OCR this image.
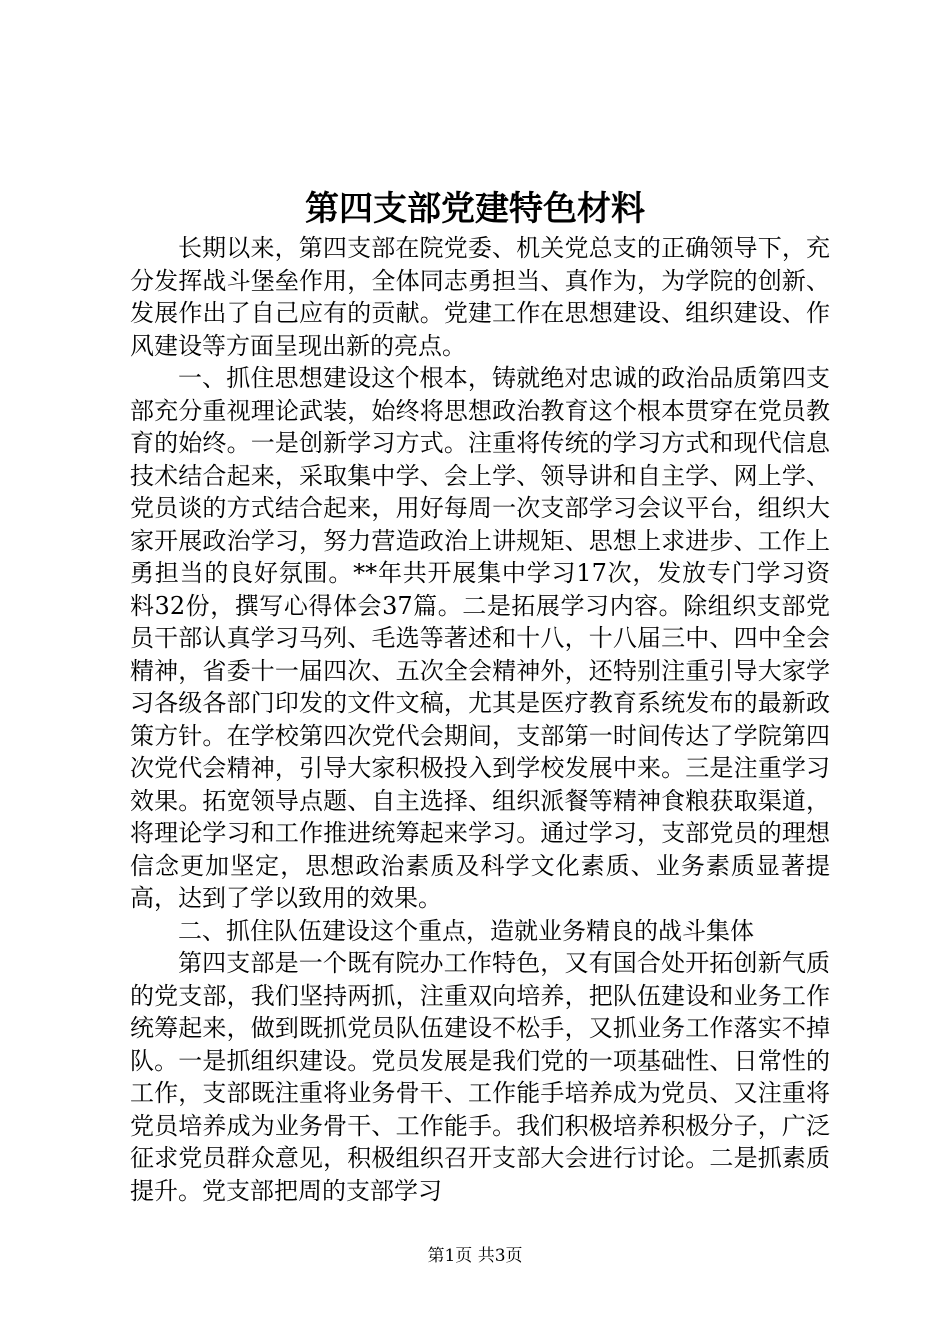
第四支部党建特色材料

长期以来，第四支部在院党委、机关党总支的正确领导下，充分发挥战斗堡垒作用，全体同志勇担当、真作为，为学院的创新、发展作出了自己应有的贡献。党建工作在思想建设、组织建设、作风建设等方面呈现出新的亮点。

一、抓住思想建设这个根本，铸就绝对忠诚的政治品质第四支部充分重视理论武装，始终将思想政治教育这个根本贯穿在党员教育的始终。一是创新学习方式。注重将传统的学习方式和现代信息技术结合起来，采取集中学、会上学、领导讲和自主学、网上学、党员谈的方式结合起来，用好每周一次支部学习会议平台，组织大家开展政治学习，努力营造政治上讲规矩、思想上求进步、工作上勇担当的良好氛围。**年共开展集中学习17次，发放专门学习资料32份，撰写心得体会37篇。二是拓展学习内容。除组织支部党员干部认真学习马列、毛选等著述和十八，十八届三中、四中全会精神，省委十一届四次、五次全会精神外，还特别注重引导大家学习各级各部门印发的文件文稿，尤其是医疗教育系统发布的最新政策方针。在学校第四次党代会期间，支部第一时间传达了学院第四次党代会精神，引导大家积极投入到学校发展中来。三是注重学习效果。拓宽领导点题、自主选择、组织派餐等精神食粮获取渠道，将理论学习和工作推进统筹起来学习。通过学习，支部党员的理想信念更加坚定，思想政治素质及科学文化素质、业务素质显著提高，达到了学以致用的效果。

二、抓住队伍建设这个重点，造就业务精良的战斗集体

第四支部是一个既有院办工作特色，又有国合处开拓创新气质的党支部，我们坚持两抓，注重双向培养，把队伍建设和业务工作统筹起来，做到既抓党员队伍建设不松手，又抓业务工作落实不掉队。一是抓组织建设。党员发展是我们党的一项基础性、日常性的工作，支部既注重将业务骨干、工作能手培养成为党员、又注重将党员培养成为业务骨干、工作能手。我们积极培养积极分子，广泛征求党员群众意见，积极组织召开支部大会进行讨论。二是抓素质提升。党支部把周的支部学习

第1页 共3页
